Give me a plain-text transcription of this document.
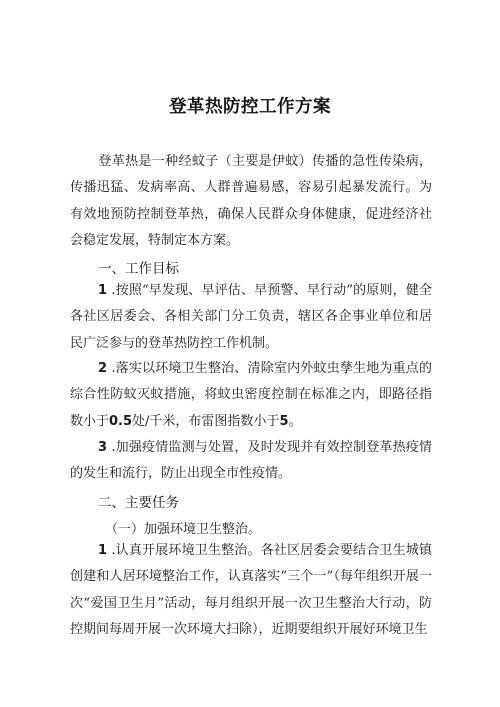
登革热防控工作方案

登革热是一种经蚊子（主要是伊蚊）传播的急性传染病，传播迅猛、发病率高、人群普遍易感，容易引起暴发流行。为有效地预防控制登革热，确保人民群众身体健康，促进经济社会稳定发展，特制定本方案。

一、工作目标

1 .按照“早发现、早评估、早预警、早行动”的原则，健全各社区居委会、各相关部门分工负责，辖区各企事业单位和居民广泛参与的登革热防控工作机制。

2 .落实以环境卫生整治、清除室内外蚊虫孳生地为重点的综合性防蚊灭蚊措施，将蚊虫密度控制在标准之内，即路径指数小于0.5处/千米，布雷图指数小于5。

3 .加强疫情监测与处置，及时发现并有效控制登革热疫情的发生和流行，防止出现全市性疫情。

二、主要任务
（一）加强环境卫生整治。

1 .认真开展环境卫生整治。各社区居委会要结合卫生城镇创建和人居环境整治工作，认真落实“三个一”（每年组织开展一次“爱国卫生月”活动，每月组织开展一次卫生整治大行动，防控期间每周开展一次环境大扫除），近期要组织开展好环境卫生
